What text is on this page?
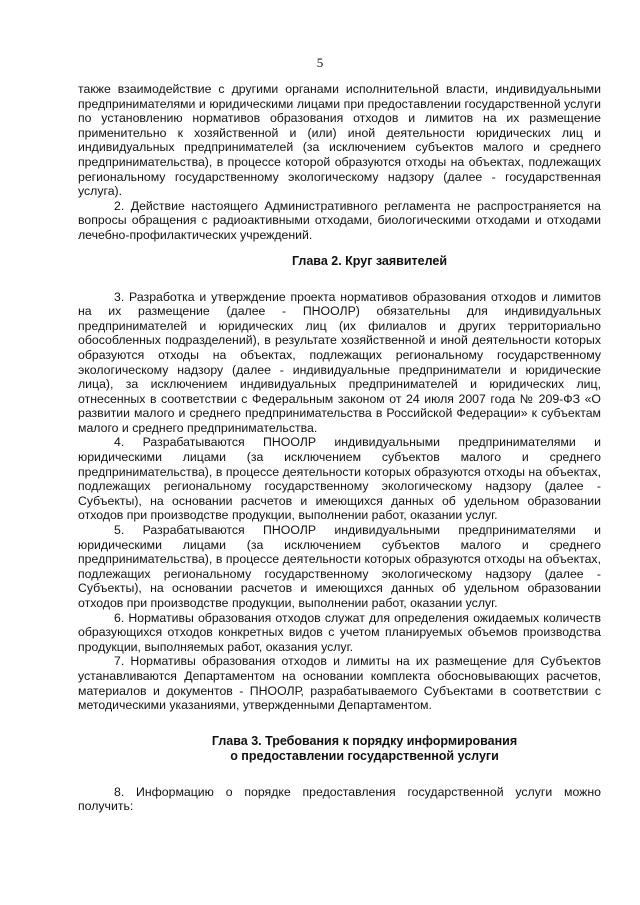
5

также взаимодействие с другими органами исполнительной власти, индивидуальными предпринимателями и юридическими лицами при предоставлении государственной услуги по установлению нормативов образования отходов и лимитов на их размещение применительно к хозяйственной и (или) иной деятельности юридических лиц и индивидуальных предпринимателей (за исключением субъектов малого и среднего предпринимательства), в процессе которой образуются отходы на объектах, подлежащих региональному государственному экологическому надзору (далее - государственная услуга).

2. Действие настоящего Административного регламента не распространяется на вопросы обращения с радиоактивными отходами, биологическими отходами и отходами лечебно-профилактических учреждений.

Глава 2. Круг заявителей

3. Разработка и утверждение проекта нормативов образования отходов и лимитов на их размещение (далее - ПНООЛР) обязательны для индивидуальных предпринимателей и юридических лиц (их филиалов и других территориально обособленных подразделений), в результате хозяйственной и иной деятельности которых образуются отходы на объектах, подлежащих региональному государственному экологическому надзору (далее - индивидуальные предприниматели и юридические лица), за исключением индивидуальных предпринимателей и юридических лиц, отнесенных в соответствии с Федеральным законом от 24 июля 2007 года № 209-ФЗ «О развитии малого и среднего предпринимательства в Российской Федерации» к субъектам малого и среднего предпринимательства.

4. Разрабатываются ПНООЛР индивидуальными предпринимателями и юридическими лицами (за исключением субъектов малого и среднего предпринимательства), в процессе деятельности которых образуются отходы на объектах, подлежащих региональному государственному экологическому надзору (далее - Субъекты), на основании расчетов и имеющихся данных об удельном образовании отходов при производстве продукции, выполнении работ, оказании услуг.

5. Разрабатываются ПНООЛР индивидуальными предпринимателями и юридическими лицами (за исключением субъектов малого и среднего предпринимательства), в процессе деятельности которых образуются отходы на объектах, подлежащих региональному государственному экологическому надзору (далее - Субъекты), на основании расчетов и имеющихся данных об удельном образовании отходов при производстве продукции, выполнении работ, оказании услуг.

6. Нормативы образования отходов служат для определения ожидаемых количеств образующихся отходов конкретных видов с учетом планируемых объемов производства продукции, выполняемых работ, оказания услуг.

7. Нормативы образования отходов и лимиты на их размещение для Субъектов устанавливаются Департаментом на основании комплекта обосновывающих расчетов, материалов и документов - ПНООЛР, разрабатываемого Субъектами в соответствии с методическими указаниями, утвержденными Департаментом.

Глава 3. Требования к порядку информирования
о предоставлении государственной услуги

8. Информацию о порядке предоставления государственной услуги можно получить:
